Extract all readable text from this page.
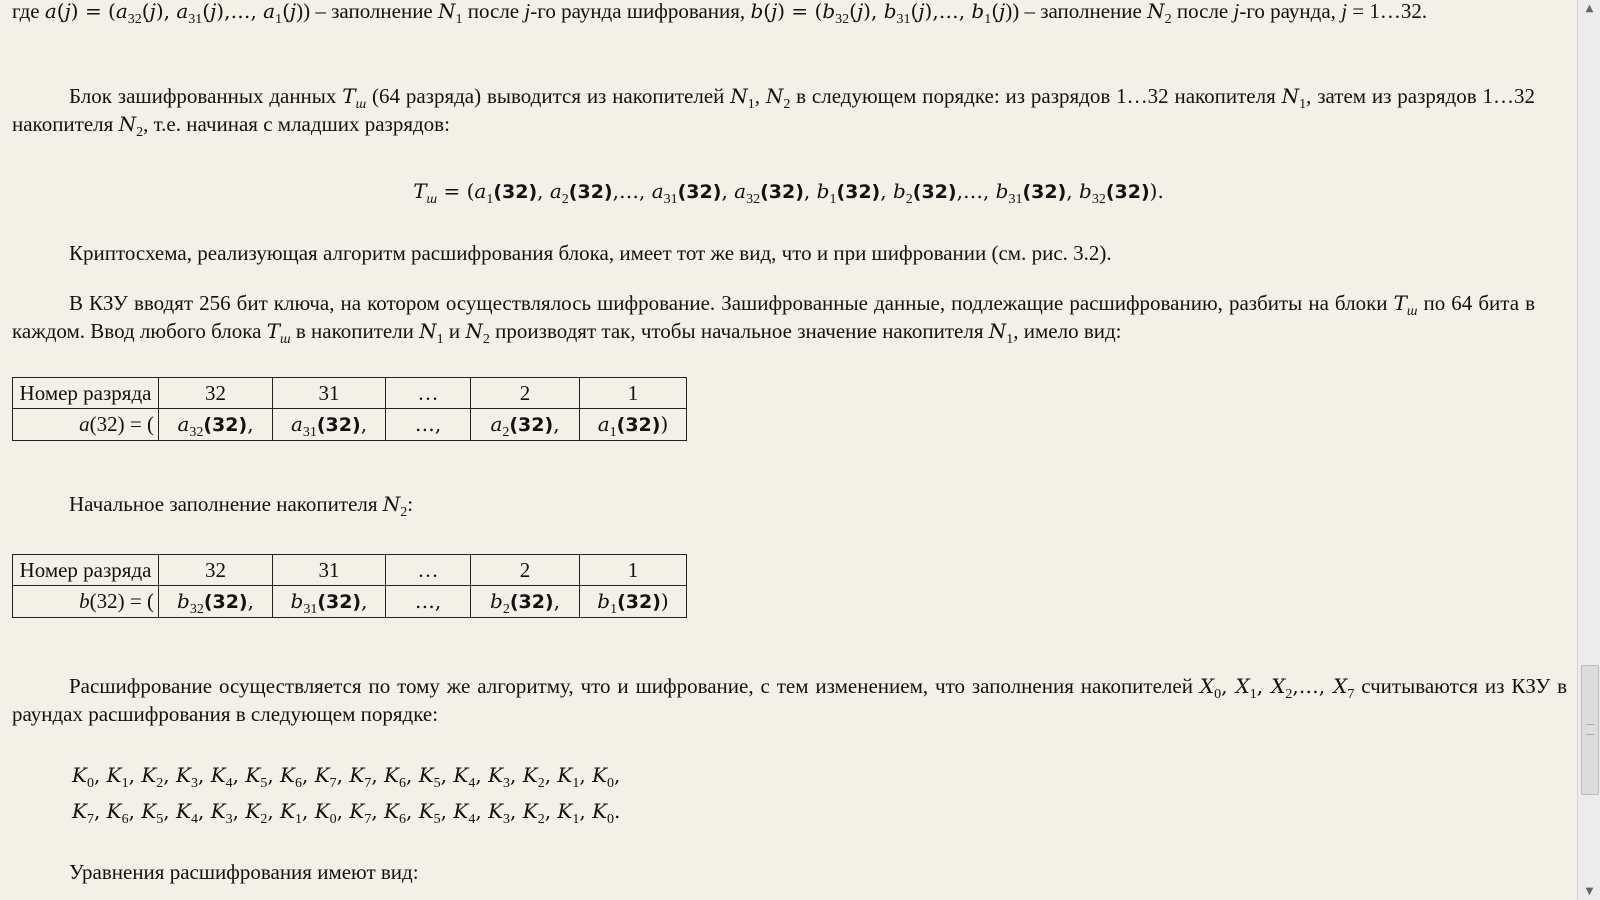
где $a(j) = (a_{32}(j)$, $a_{31}(j),\dots$, $a_1(j)$) – заполнение $N_1$ после j-го раунда шифрования, $b(j) = (b_{32}(j)$, $b_{31}(j),\dots$, $b_1(j)$) – заполнение $N_2$ после j-го раунда, j = 1…32.

Блок зашифрованных данных $T_ш$ (64 разряда) выводится из накопителей $N_1$, $N_2$ в следующем порядке: из разрядов 1…32 накопителя $N_1$, затем из разрядов 1…32 накопителя $N_2$, т.е. начиная с младших разрядов:

$T_ш = (a_1(32)$, $a_2(32),\dots$, $a_{31}(32)$, $a_{32}(32)$, $b_1(32)$, $b_2(32),\dots$, $b_{31}(32)$, $b_{32}(32)$).

Криптосхема, реализующая алгоритм расшифрования блока, имеет тот же вид, что и при шифровании (см. рис. 3.2).

В КЗУ вводят 256 бит ключа, на котором осуществлялось шифрование. Зашифрованные данные, подлежащие расшифрованию, разбиты на блоки $T_ш$ по 64 бита в каждом. Ввод любого блока $T_ш$ в накопители $N_1$ и $N_2$ производят так, чтобы начальное значение накопителя $N_1$, имело вид:

Номер разряда	32	31	…	2	1
a(32) = (	$a_{32}(32)$,	$a_{31}(32)$,	…,	$a_2(32)$,	$a_1(32)$)

Начальное заполнение накопителя $N_2$:

Номер разряда	32	31	…	2	1
b(32) = (	$b_{32}(32)$,	$b_{31}(32)$,	…,	$b_2(32)$,	$b_1(32)$)

Расшифрование осуществляется по тому же алгоритму, что и шифрование, с тем изменением, что заполнения накопителей $X_0$, $X_1$, $X_2,\dots$, $X_7$ считываются из КЗУ в раундах расшифрования в следующем порядке:

$K_0$, $K_1$, $K_2$, $K_3$, $K_4$, $K_5$, $K_6$, $K_7$, $K_7$, $K_6$, $K_5$, $K_4$, $K_3$, $K_2$, $K_1$, $K_0$,
$K_7$, $K_6$, $K_5$, $K_4$, $K_3$, $K_2$, $K_1$, $K_0$, $K_7$, $K_6$, $K_5$, $K_4$, $K_3$, $K_2$, $K_1$, $K_0$.

Уравнения расшифрования имеют вид:

▲
▼
